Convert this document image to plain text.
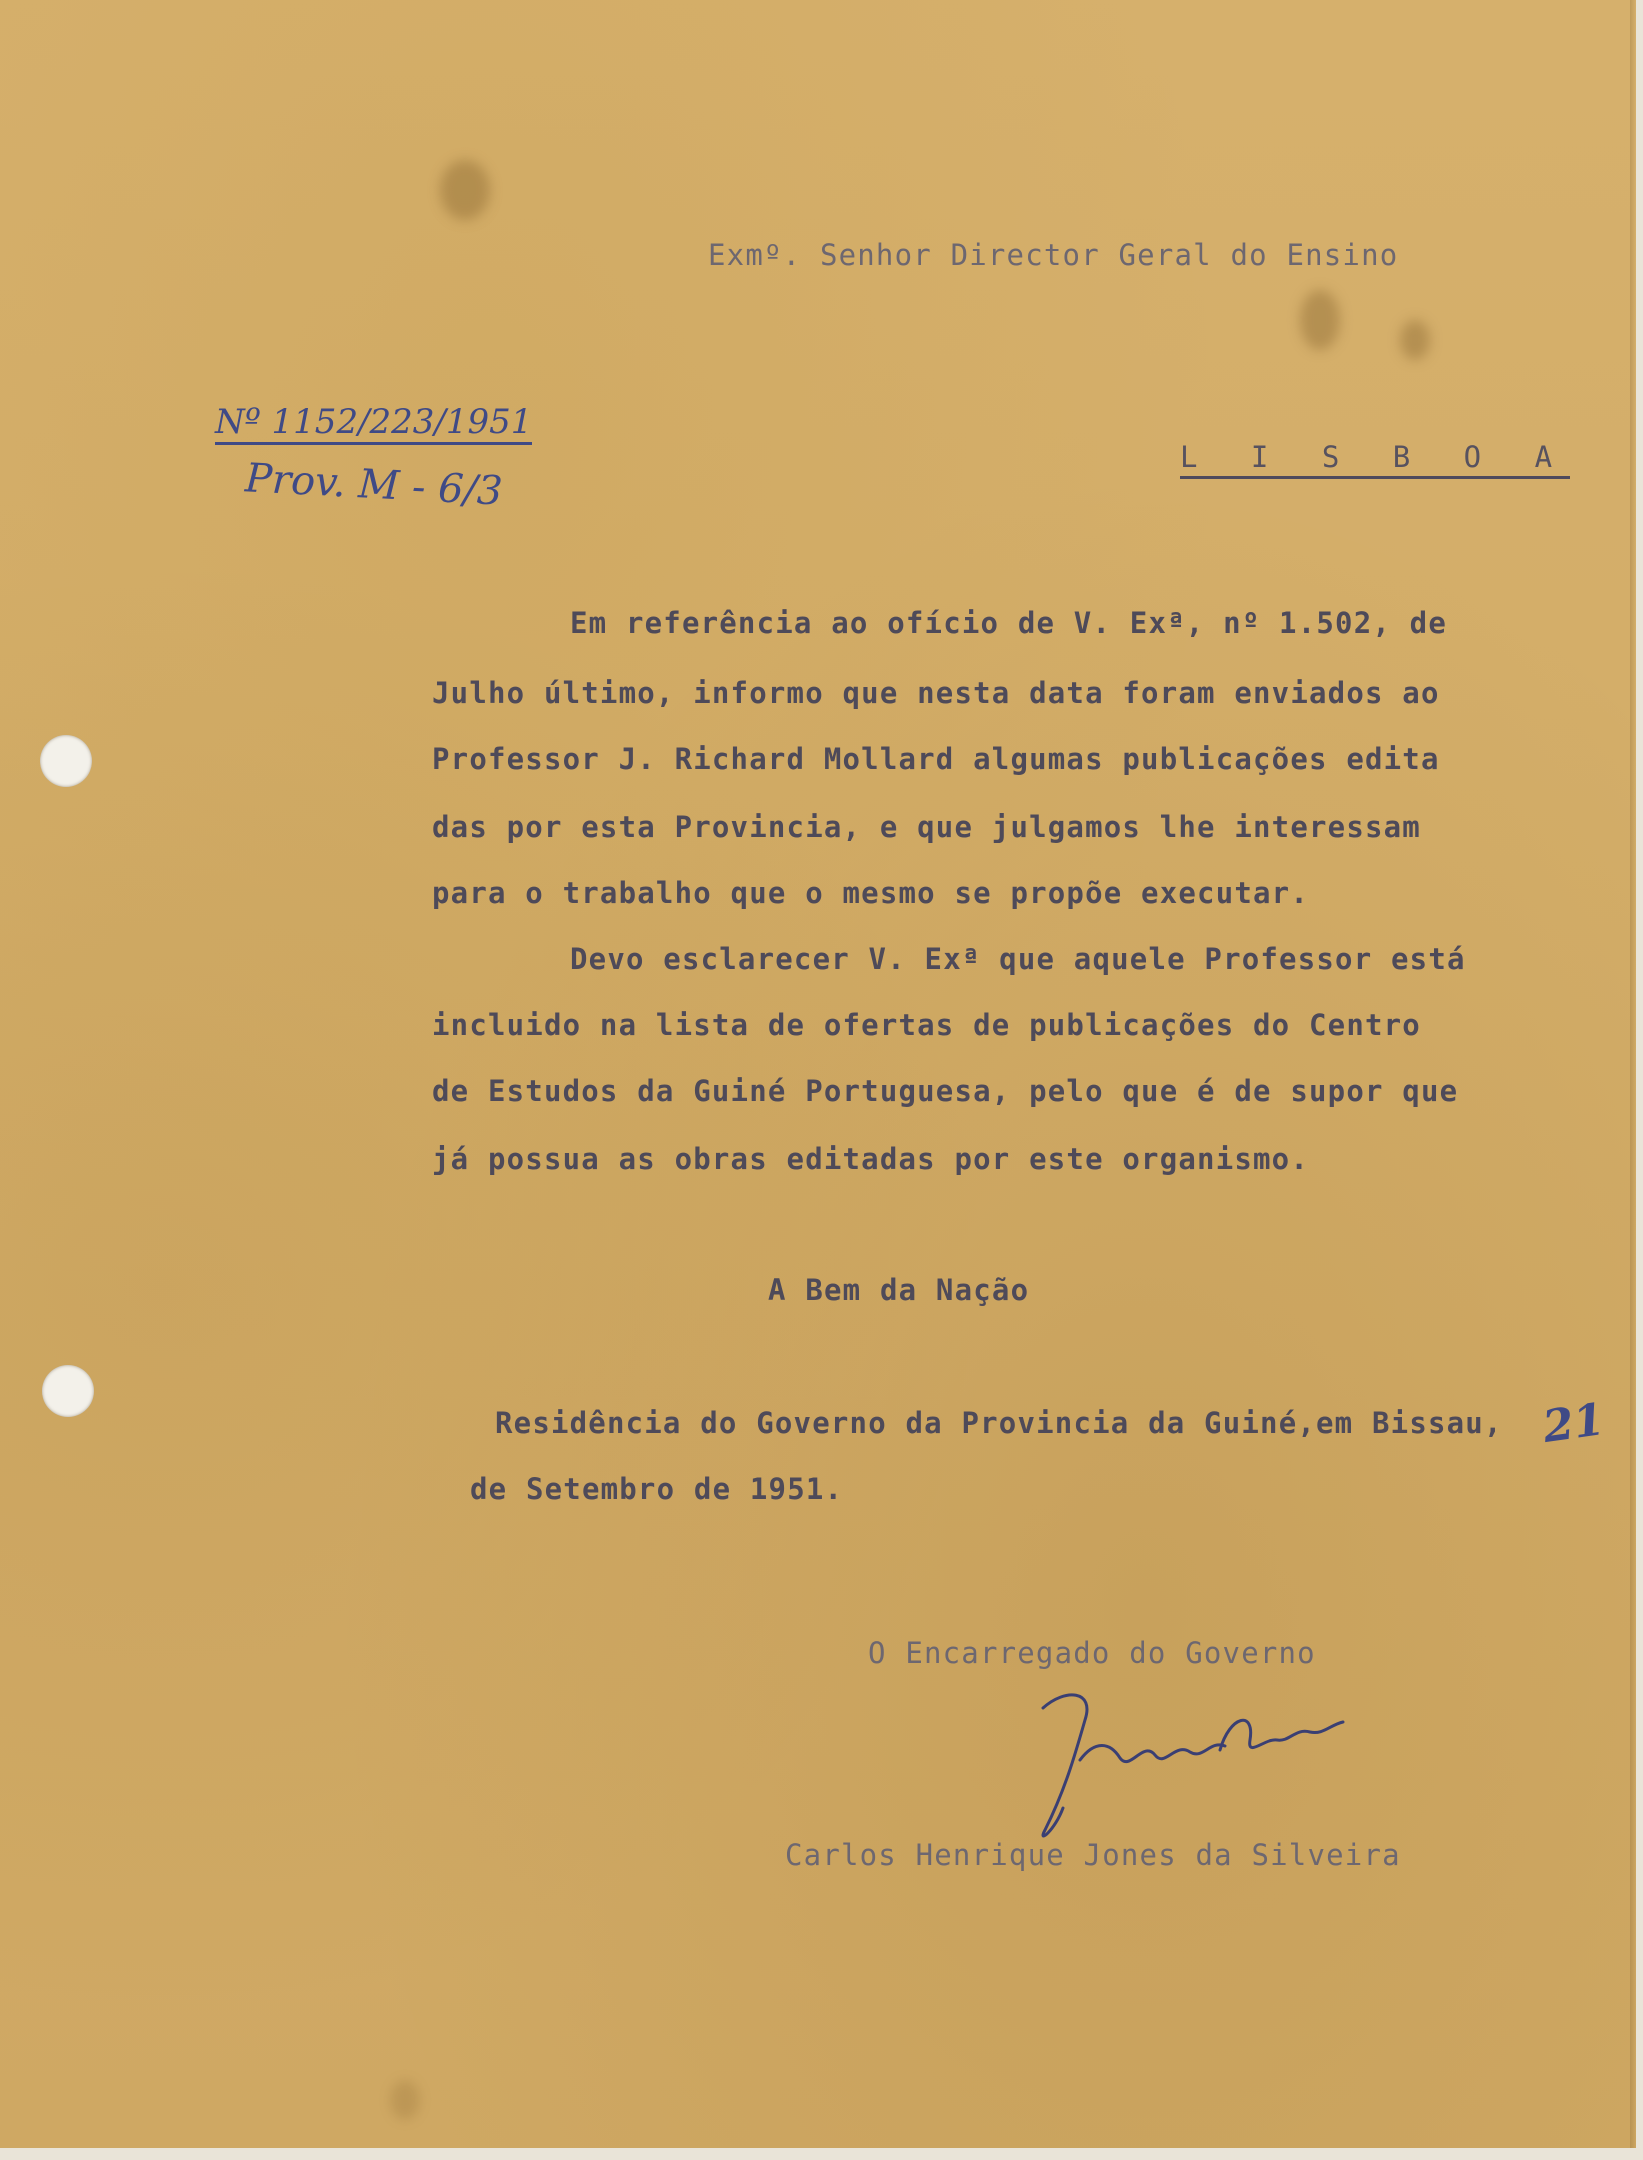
Exmº. Senhor Director Geral do Ensino
Nº 1152/223/1951
Prov. M - 6/3	L I S B O A
Em referência ao ofício de V. Exª, nº 1.502, de
Julho último, informo que nesta data foram enviados ao
Professor J. Richard Mollard algumas publicações edita
das por esta Provincia, e que julgamos lhe interessam
para o trabalho que o mesmo se propõe executar.
Devo esclarecer V. Exª que aquele Professor está
incluido na lista de ofertas de publicações do Centro
de Estudos da Guiné Portuguesa, pelo que é de supor que
já possua as obras editadas por este organismo.
A Bem da Nação
Residência do Governo da Provincia da Guiné,em Bissau, 21
de Setembro de 1951.
O Encarregado do Governo
Carlos Henrique Jones da Silveira
